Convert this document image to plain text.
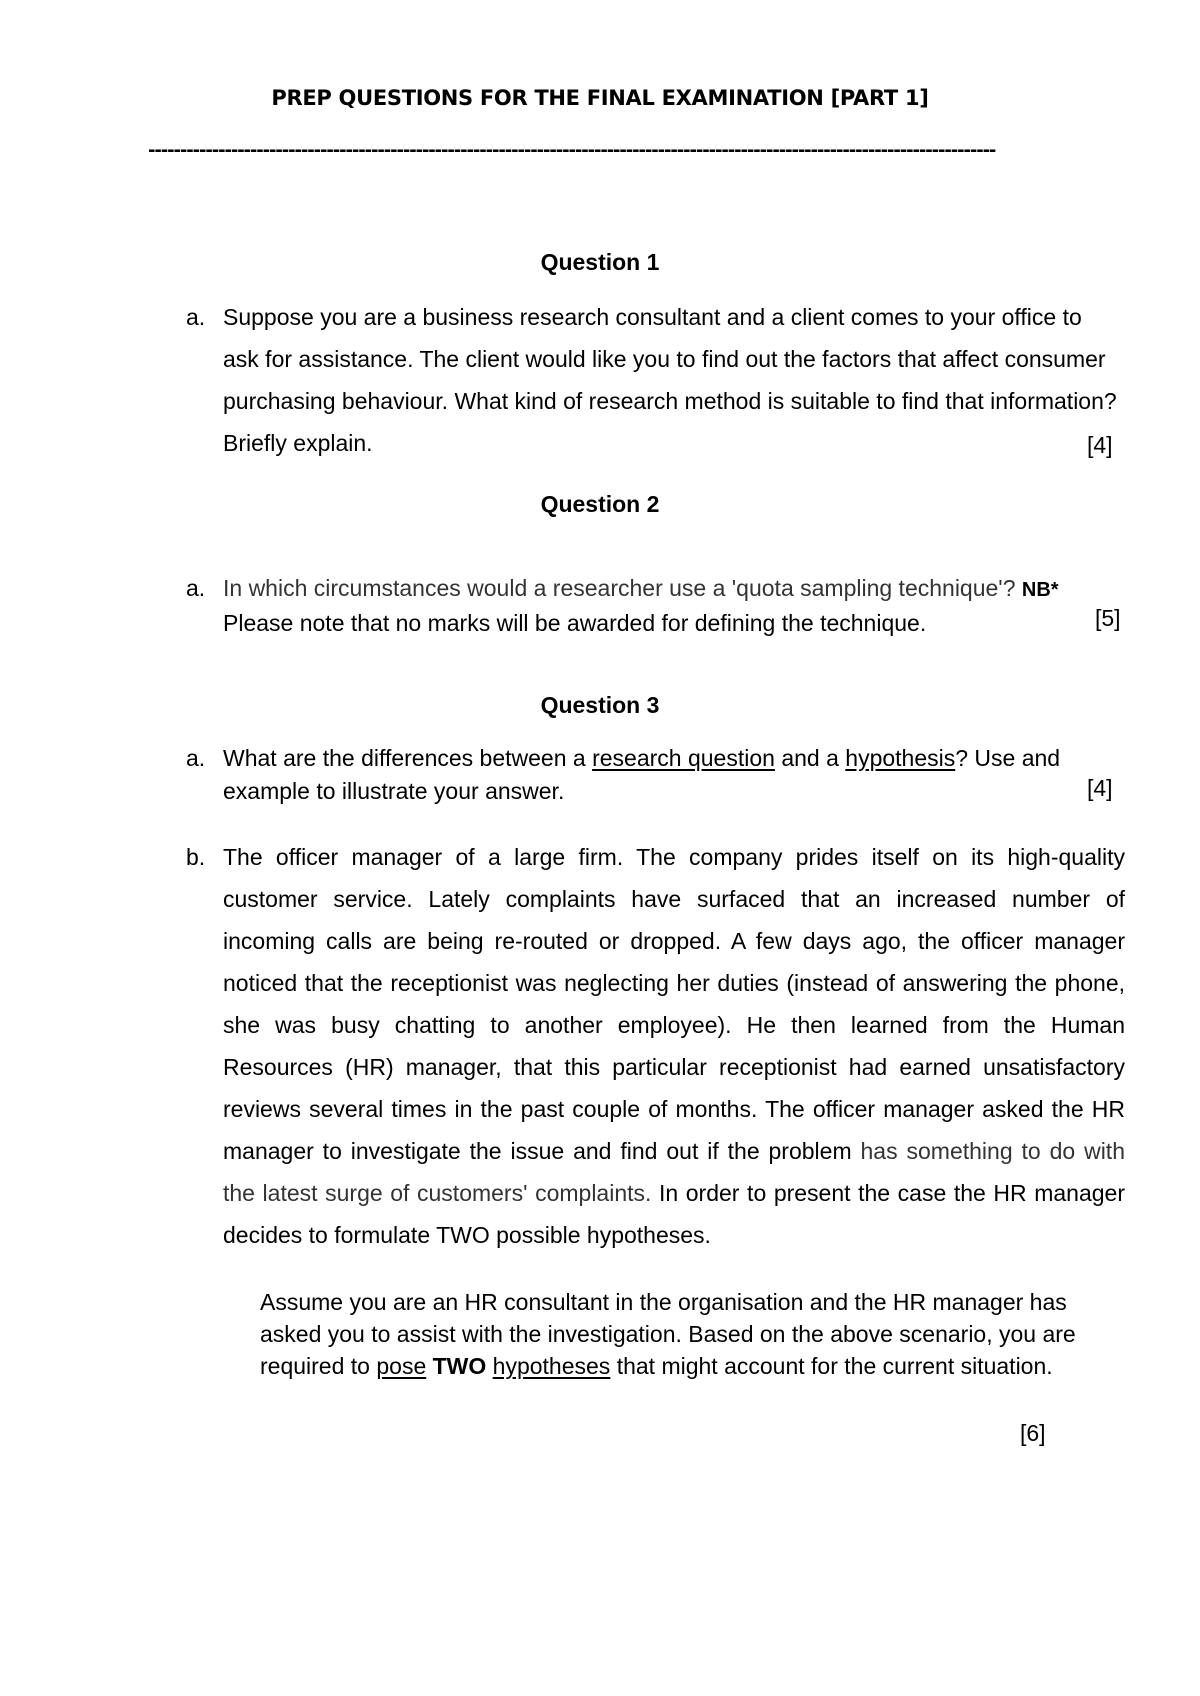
PREP QUESTIONS FOR THE FINAL EXAMINATION [PART 1]
-------------------------------------------------------------------------------------------------------------------------------------
Question 1
a. Suppose you are a business research consultant and a client comes to your office to ask for assistance. The client would like you to find out the factors that affect consumer purchasing behaviour. What kind of research method is suitable to find that information? Briefly explain.	[4]
Question 2
a. In which circumstances would a researcher use a 'quota sampling technique'? NB*
Please note that no marks will be awarded for defining the technique.	[5]
Question 3
a. What are the differences between a research question and a hypothesis? Use and example to illustrate your answer.	[4]
b. The officer manager of a large firm. The company prides itself on its high-quality customer service. Lately complaints have surfaced that an increased number of incoming calls are being re-routed or dropped. A few days ago, the officer manager noticed that the receptionist was neglecting her duties (instead of answering the phone, she was busy chatting to another employee). He then learned from the Human Resources (HR) manager, that this particular receptionist had earned unsatisfactory reviews several times in the past couple of months. The officer manager asked the HR manager to investigate the issue and find out if the problem has something to do with the latest surge of customers' complaints. In order to present the case the HR manager decides to formulate TWO possible hypotheses.
Assume you are an HR consultant in the organisation and the HR manager has asked you to assist with the investigation. Based on the above scenario, you are required to pose TWO hypotheses that might account for the current situation.
[6]
